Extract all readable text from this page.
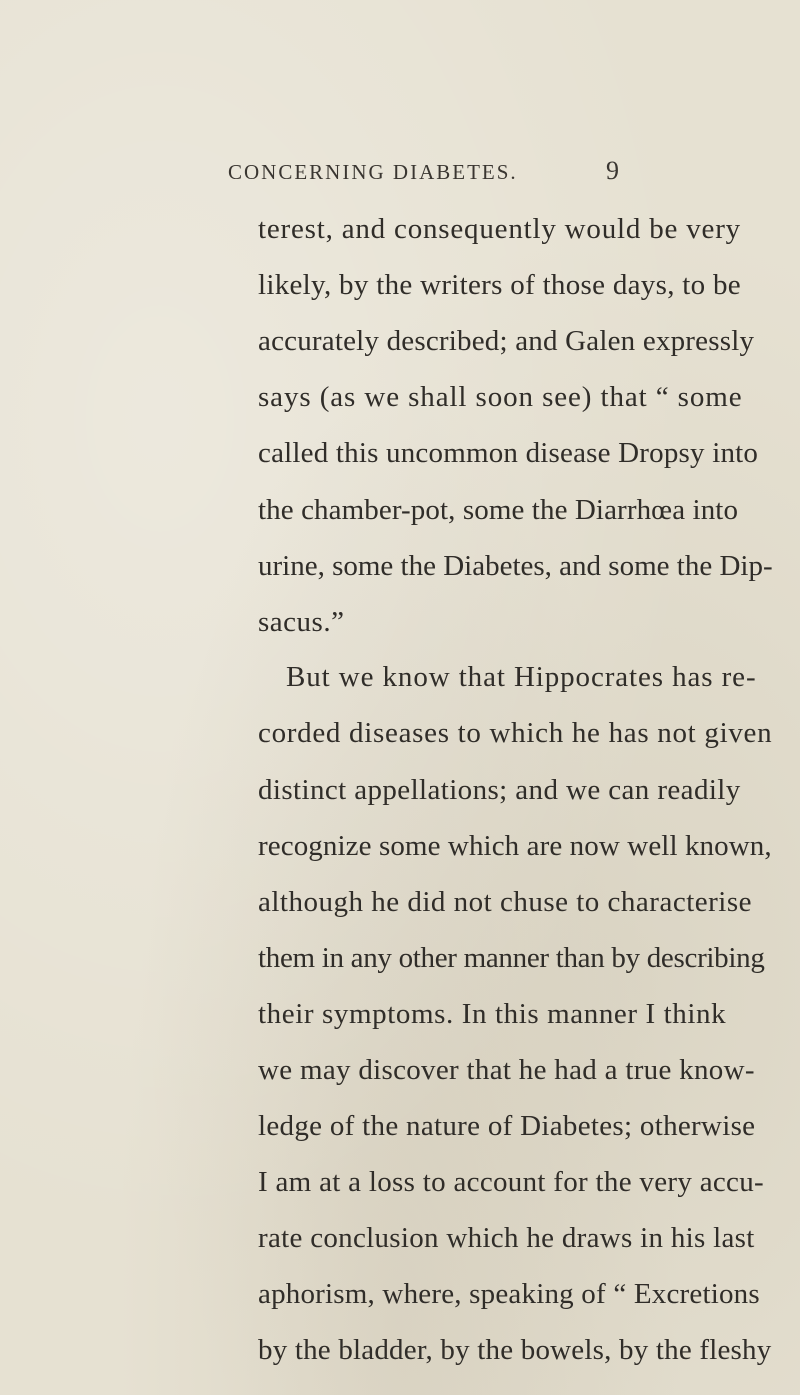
CONCERNING DIABETES.	9
terest, and consequently would be very
likely, by the writers of those days, to be
accurately described; and Galen expressly
says (as we shall soon see) that “ some
called this uncommon disease Dropsy into
the chamber-pot, some the Diarrhœa into
urine, some the Diabetes, and some the Dip-
sacus.”
But we know that Hippocrates has re-
corded diseases to which he has not given
distinct appellations; and we can readily
recognize some which are now well known,
although he did not chuse to characterise
them in any other manner than by describing
their symptoms. In this manner I think
we may discover that he had a true know-
ledge of the nature of Diabetes; otherwise
I am at a loss to account for the very accu-
rate conclusion which he draws in his last
aphorism, where, speaking of “ Excretions
by the bladder, by the bowels, by the fleshy
